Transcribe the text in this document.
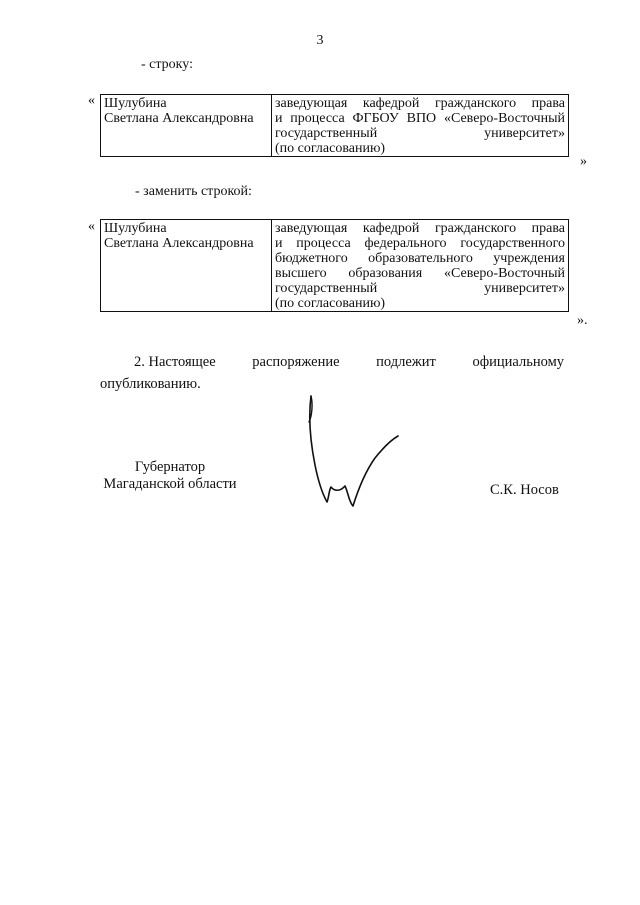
3
- строку:
« Шулубина
Светлана Александровна

заведующая кафедрой гражданского права
и процесса ФГБОУ ВПО «Северо-Восточный
государственный университет»
(по согласованию)
»
- заменить строкой:
« Шулубина
Светлана Александровна

заведующая кафедрой гражданского права
и процесса федерального государственного
бюджетного образовательного учреждения
высшего образования «Северо-Восточный
государственный университет»
(по согласованию)
».
2. Настоящее	распоряжение	подлежит	официальному
опубликованию.
Губернатор
Магаданской области	С.К. Носов
